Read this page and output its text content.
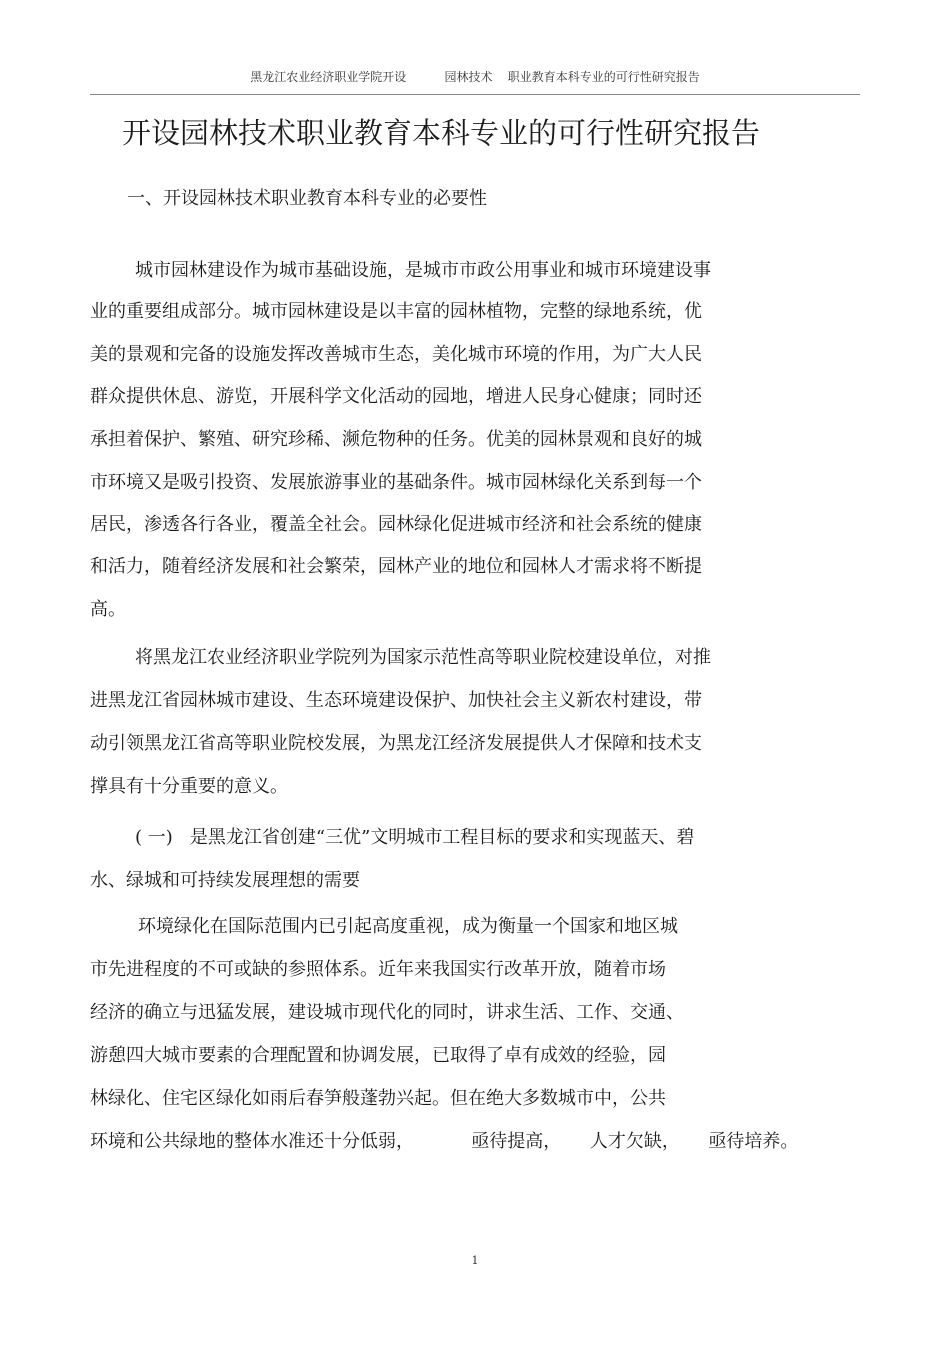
黑龙江农业经济职业学院开设          园林技术    职业教育本科专业的可行性研究报告
开设园林技术职业教育本科专业的可行性研究报告
一、开设园林技术职业教育本科专业的必要性
城市园林建设作为城市基础设施，是城市市政公用事业和城市环境建设事
业的重要组成部分。城市园林建设是以丰富的园林植物，完整的绿地系统，优
美的景观和完备的设施发挥改善城市生态，美化城市环境的作用，为广大人民
群众提供休息、游览，开展科学文化活动的园地，增进人民身心健康；同时还
承担着保护、繁殖、研究珍稀、濒危物种的任务。优美的园林景观和良好的城
市环境又是吸引投资、发展旅游事业的基础条件。城市园林绿化关系到每一个
居民，渗透各行各业，覆盖全社会。园林绿化促进城市经济和社会系统的健康
和活力，随着经济发展和社会繁荣，园林产业的地位和园林人才需求将不断提
高。
将黑龙江农业经济职业学院列为国家示范性高等职业院校建设单位，对推
进黑龙江省园林城市建设、生态环境建设保护、加快社会主义新农村建设，带
动引领黑龙江省高等职业院校发展，为黑龙江经济发展提供人才保障和技术支
撑具有十分重要的意义。
( 一)   是黑龙江省创建“三优”文明城市工程目标的要求和实现蓝天、碧
水、绿城和可持续发展理想的需要
环境绿化在国际范围内已引起高度重视，成为衡量一个国家和地区城
市先进程度的不可或缺的参照体系。近年来我国实行改革开放，随着市场
经济的确立与迅猛发展，建设城市现代化的同时，讲求生活、工作、交通、
游憩四大城市要素的合理配置和协调发展，已取得了卓有成效的经验，园
林绿化、住宅区绿化如雨后春笋般蓬勃兴起。但在绝大多数城市中，公共
环境和公共绿地的整体水准还十分低弱，          亟待提高，     人才欠缺，     亟待培养。
1
